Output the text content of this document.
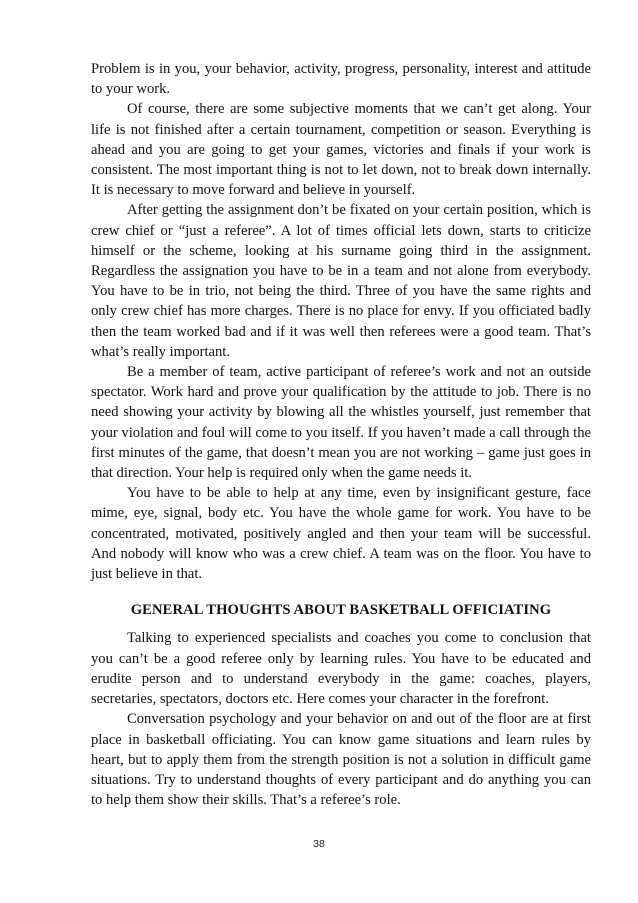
Problem is in you, your behavior, activity, progress, personality, interest and attitude to your work.

Of course, there are some subjective moments that we can’t get along. Your life is not finished after a certain tournament, competition or season. Everything is ahead and you are going to get your games, victories and finals if your work is consistent. The most important thing is not to let down, not to break down internally. It is necessary to move forward and believe in yourself.

After getting the assignment don’t be fixated on your certain position, which is crew chief or “just a referee”. A lot of times official lets down, starts to criticize himself or the scheme, looking at his surname going third in the assignment. Regardless the assignation you have to be in a team and not alone from everybody. You have to be in trio, not being the third. Three of you have the same rights and only crew chief has more charges. There is no place for envy. If you officiated badly then the team worked bad and if it was well then referees were a good team. That’s what’s really important.

Be a member of team, active participant of referee’s work and not an outside spectator. Work hard and prove your qualification by the attitude to job. There is no need showing your activity by blowing all the whistles yourself, just remember that your violation and foul will come to you itself. If you haven’t made a call through the first minutes of the game, that doesn’t mean you are not working – game just goes in that direction. Your help is required only when the game needs it.

You have to be able to help at any time, even by insignificant gesture, face mime, eye, signal, body etc. You have the whole game for work. You have to be concentrated, motivated, positively angled and then your team will be successful. And nobody will know who was a crew chief. A team was on the floor. You have to just believe in that.

GENERAL THOUGHTS ABOUT BASKETBALL OFFICIATING

Talking to experienced specialists and coaches you come to conclusion that you can’t be a good referee only by learning rules. You have to be educated and erudite person and to understand everybody in the game: coaches, players, secretaries, spectators, doctors etc. Here comes your character in the forefront.

Conversation psychology and your behavior on and out of the floor are at first place in basketball officiating. You can know game situations and learn rules by heart, but to apply them from the strength position is not a solution in difficult game situations. Try to understand thoughts of every participant and do anything you can to help them show their skills. That’s a referee’s role.

38
